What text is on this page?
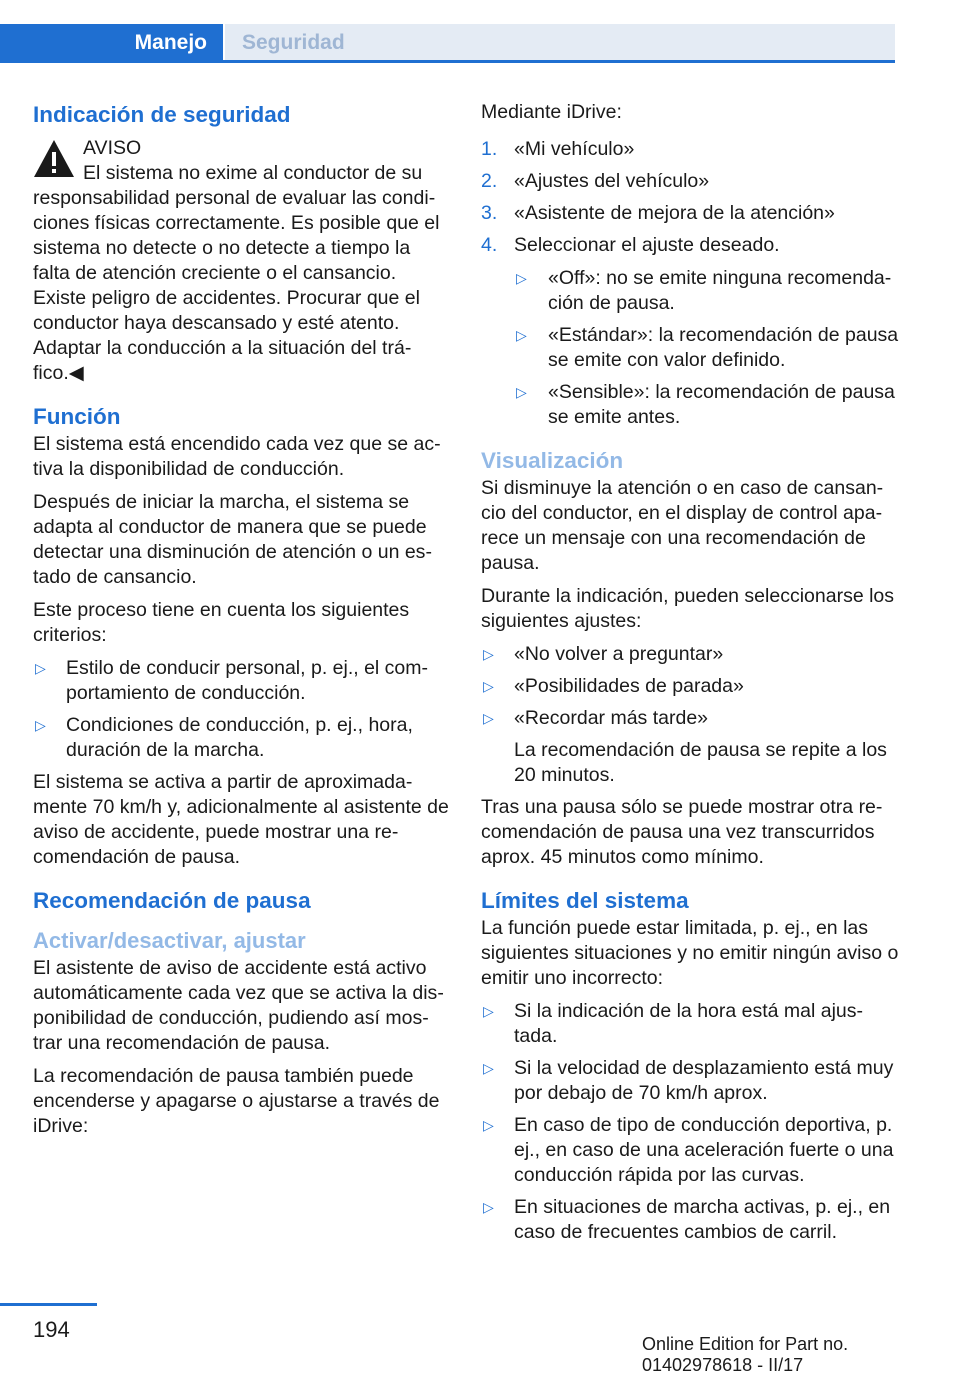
Manejo	Seguridad
Indicación de seguridad
AVISO
El sistema no exime al conductor de su responsabilidad personal de evaluar las condiciones físicas correctamente. Es posible que el sistema no detecte o no detecte a tiempo la falta de atención creciente o el cansancio. Existe peligro de accidentes. Procurar que el conductor haya descansado y esté atento. Adaptar la conducción a la situación del tráfico.◀
Función

El sistema está encendido cada vez que se activa la disponibilidad de conducción.

Después de iniciar la marcha, el sistema se adapta al conductor de manera que se puede detectar una disminución de atención o un estado de cansancio.

Este proceso tiene en cuenta los siguientes criterios:

▷ Estilo de conducir personal, p. ej., el comportamiento de conducción.
▷ Condiciones de conducción, p. ej., hora, duración de la marcha.

El sistema se activa a partir de aproximadamente 70 km/h y, adicionalmente al asistente de aviso de accidente, puede mostrar una recomendación de pausa.

Recomendación de pausa
Activar/desactivar, ajustar

El asistente de aviso de accidente está activo automáticamente cada vez que se activa la disponibilidad de conducción, pudiendo así mostrar una recomendación de pausa.

La recomendación de pausa también puede encenderse y apagarse o ajustarse a través de iDrive:

Mediante iDrive:

1. «Mi vehículo»
2. «Ajustes del vehículo»
3. «Asistente de mejora de la atención»
4. Seleccionar el ajuste deseado.
▷ «Off»: no se emite ninguna recomendación de pausa.
▷ «Estándar»: la recomendación de pausa se emite con valor definido.
▷ «Sensible»: la recomendación de pausa se emite antes.
Visualización

Si disminuye la atención o en caso de cansancio del conductor, en el display de control aparece un mensaje con una recomendación de pausa.

Durante la indicación, pueden seleccionarse los siguientes ajustes:

▷ «No volver a preguntar»
▷ «Posibilidades de parada»
▷ «Recordar más tarde»
La recomendación de pausa se repite a los 20 minutos.

Tras una pausa sólo se puede mostrar otra recomendación de pausa una vez transcurridos aprox. 45 minutos como mínimo.

Límites del sistema

La función puede estar limitada, p. ej., en las siguientes situaciones y no emitir ningún aviso o emitir uno incorrecto:

▷ Si la indicación de la hora está mal ajustada.
▷ Si la velocidad de desplazamiento está muy por debajo de 70 km/h aprox.
▷ En caso de tipo de conducción deportiva, p. ej., en caso de una aceleración fuerte o una conducción rápida por las curvas.
▷ En situaciones de marcha activas, p. ej., en caso de frecuentes cambios de carril.
194
Online Edition for Part no. 01402978618 - II/17
